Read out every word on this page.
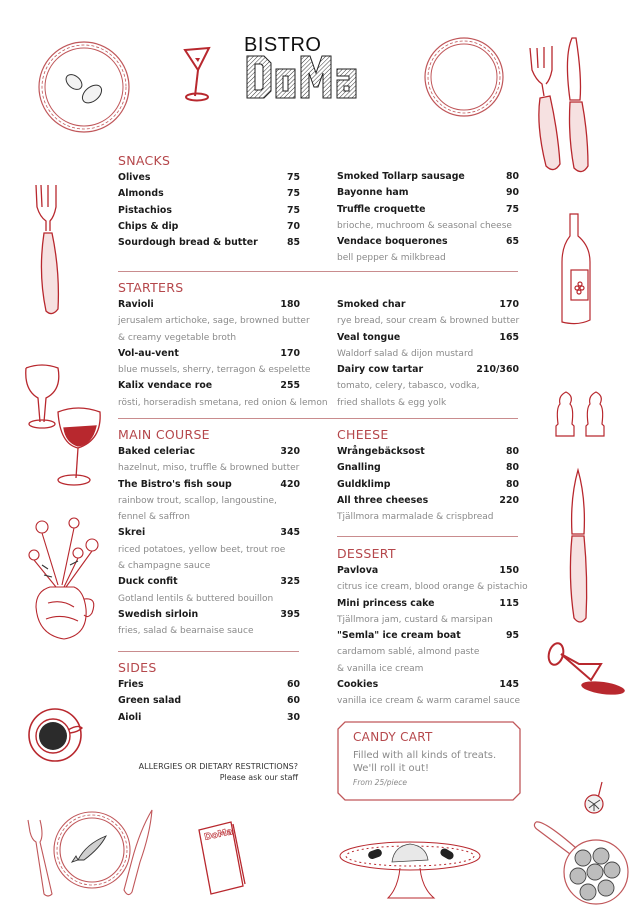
BISTRO
DoMa
SNACKS
Olives	75
Almonds	75
Pistachios	75
Chips & dip	70
Sourdough bread & butter	85
Smoked Tollarp sausage	80
Bayonne ham	90
Truffle croquette	75
brioche, muchroom & seasonal cheese
Vendace boquerones	65
bell pepper & milkbread
STARTERS
Ravioli	180
jerusalem artichoke, sage, browned butter
& creamy vegetable broth
Vol-au-vent	170
blue mussels, sherry, terragon & espelette
Kalix vendace roe	255
rösti, horseradish smetana, red onion & lemon
Smoked char	170
rye bread, sour cream & browned butter
Veal tongue	165
Waldorf salad & dijon mustard
Dairy cow tartar	210/360
tomato, celery, tabasco, vodka,
fried shallots & egg yolk
MAIN COURSE
Baked celeriac	320
hazelnut, miso, truffle & browned butter
The Bistro's fish soup	420
rainbow trout, scallop, langoustine,
fennel & saffron
Skrei	345
riced potatoes, yellow beet, trout roe
& champagne sauce
Duck confit	325
Gotland lentils & buttered bouillon
Swedish sirloin	395
fries, salad & bearnaise sauce
SIDES
Fries	60
Green salad	60
Aioli	30
ALLERGIES OR DIETARY RESTRICTIONS?
Please ask our staff
CHEESE
Wrångebäcksost	80
Gnalling	80
Guldklimp	80
All three cheeses	220
Tjällmora marmalade & crispbread
DESSERT
Pavlova	150
citrus ice cream, blood orange & pistachio
Mini princess cake	115
Tjällmora jam, custard & marsipan
"Semla" ice cream boat	95
cardamom sablé, almond paste
& vanilla ice cream
Cookies	145
vanilla ice cream & warm caramel sauce
CANDY CART
Filled with all kinds of treats. We'll roll it out!
From 25/piece
